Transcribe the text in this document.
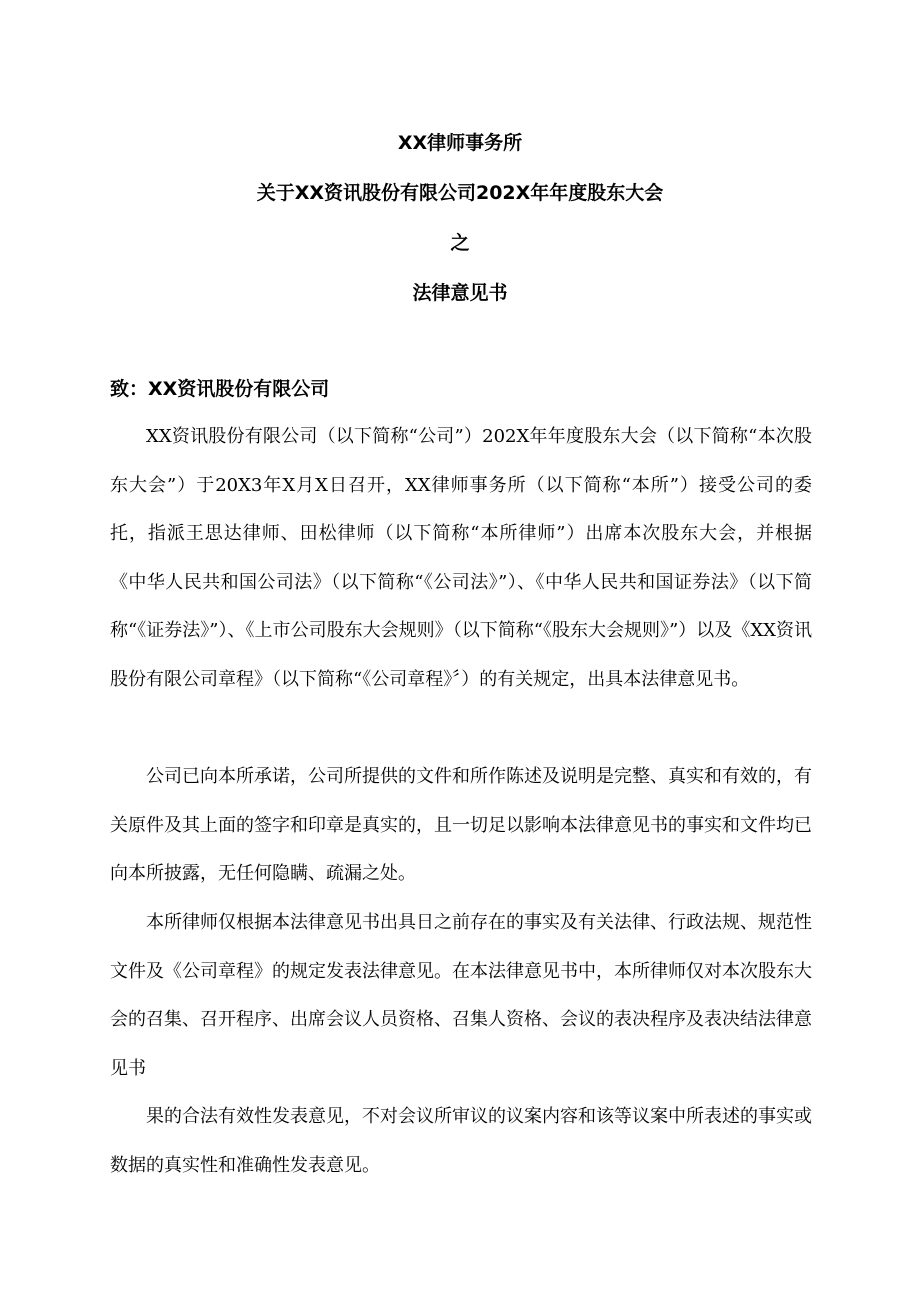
XX律师事务所
关于XX资讯股份有限公司202X年年度股东大会
之
法律意见书

致：XX资讯股份有限公司

XX资讯股份有限公司（以下简称“公司”）202X年年度股东大会（以下简称“本次股东大会”）于20X3年X月X日召开，XX律师事务所（以下简称“本所”）接受公司的委托，指派王思达律师、田松律师（以下简称“本所律师”）出席本次股东大会，并根据《中华人民共和国公司法》（以下简称“《公司法》”）、《中华人民共和国证券法》（以下简称“《证券法》”）、《上市公司股东大会规则》（以下简称“《股东大会规则》”）以及《XX资讯股份有限公司章程》（以下简称“《公司章程》〞）的有关规定，出具本法律意见书。

公司已向本所承诺，公司所提供的文件和所作陈述及说明是完整、真实和有效的，有关原件及其上面的签字和印章是真实的，且一切足以影响本法律意见书的事实和文件均已向本所披露，无任何隐瞒、疏漏之处。

本所律师仅根据本法律意见书出具日之前存在的事实及有关法律、行政法规、规范性文件及《公司章程》的规定发表法律意见。在本法律意见书中，本所律师仅对本次股东大会的召集、召开程序、出席会议人员资格、召集人资格、会议的表决程序及表决结法律意见书

果的合法有效性发表意见，不对会议所审议的议案内容和该等议案中所表述的事实或数据的真实性和准确性发表意见。
